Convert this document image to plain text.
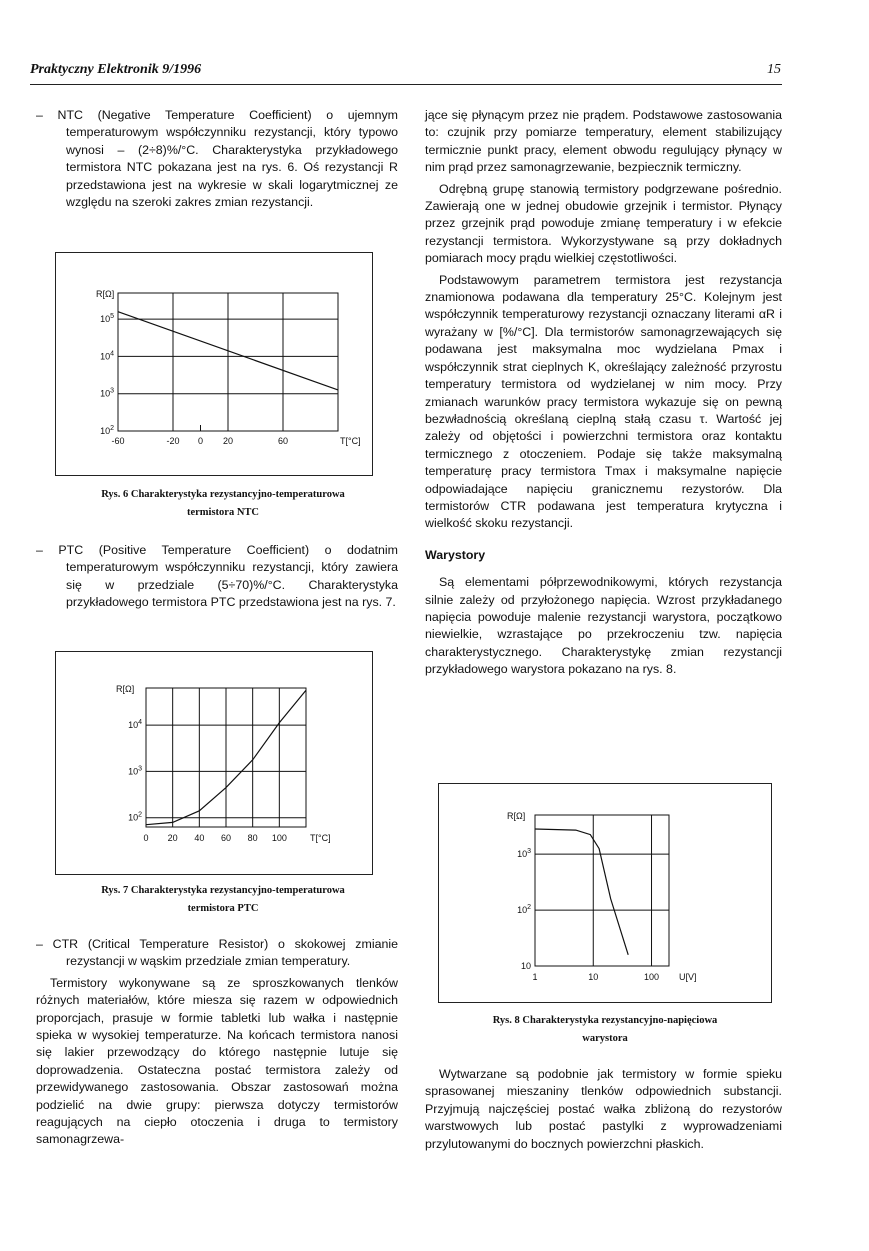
Praktyczny Elektronik 9/1996	15

– NTC (Negative Temperature Coefficient) o ujemnym temperaturowym współczynniku rezystancji, który typowo wynosi – (2÷8)%/°C. Charakterystyka przykładowego termistora NTC pokazana jest na rys. 6. Oś rezystancji R przedstawiona jest na wykresie w skali logarytmicznej ze względu na szeroki zakres zmian rezystancji.

$10^2$
$10^3$
$10^4$
$10^5$
-60	-20 0 20	60
R[Ω]
T[°C]
Rys. 6 Charakterystyka rezystancyjno-temperaturowa
termistora NTC

– PTC (Positive Temperature Coefficient) o dodatnim temperaturowym współczynniku rezystancji, który zawiera się w przedziale (5÷70)%/°C. Charakterystyka przykładowego termistora PTC przedstawiona jest na rys. 7.

$10^2$
$10^3$
$10^4$
0 20 40 60 80 100
R[Ω]
T[°C]
Rys. 7 Charakterystyka rezystancyjno-temperaturowa
termistora PTC

– CTR (Critical Temperature Resistor) o skokowej zmianie rezystancji w wąskim przedziale zmian temperatury.

Termistory wykonywane są ze sproszkowanych tlenków różnych materiałów, które miesza się razem w odpowiednich proporcjach, prasuje w formie tabletki lub wałka i następnie spieka w wysokiej temperaturze. Na końcach termistora nanosi się lakier przewodzący do którego następnie lutuje się doprowadzenia. Ostateczna postać termistora zależy od przewidywanego zastosowania. Obszar zastosowań można podzielić na dwie grupy: pierwsza dotyczy termistorów reagujących na ciepło otoczenia i druga to termistory samonagrzewa-

jące się płynącym przez nie prądem. Podstawowe zastosowania to: czujnik przy pomiarze temperatury, element stabilizujący termicznie punkt pracy, element obwodu regulujący płynący w nim prąd przez samonagrzewanie, bezpiecznik termiczny.

Odrębną grupę stanowią termistory podgrzewane pośrednio. Zawierają one w jednej obudowie grzejnik i termistor. Płynący przez grzejnik prąd powoduje zmianę temperatury i w efekcie rezystancji termistora. Wykorzystywane są przy dokładnych pomiarach mocy prądu wielkiej częstotliwości.

Podstawowym parametrem termistora jest rezystancja znamionowa podawana dla temperatury 25°C. Kolejnym jest współczynnik temperaturowy rezystancji oznaczany literami αR i wyrażany w [%/°C]. Dla termistorów samonagrzewających się podawana jest maksymalna moc wydzielana Pmax i współczynnik strat cieplnych K, określający zależność przyrostu temperatury termistora od wydzielanej w nim mocy. Przy zmianach warunków pracy termistora wykazuje się on pewną bezwładnością określaną cieplną stałą czasu τ. Wartość jej zależy od objętości i powierzchni termistora oraz kontaktu termicznego z otoczeniem. Podaje się także maksymalną temperaturę pracy termistora Tmax i maksymalne napięcie odpowiadające napięciu granicznemu rezystorów. Dla termistorów CTR podawana jest temperatura krytyczna i wielkość skoku rezystancji.

Warystory

Są elementami półprzewodnikowymi, których rezystancja silnie zależy od przyłożonego napięcia. Wzrost przykładanego napięcia powoduje malenie rezystancji warystora, początkowo niewielkie, wzrastające po przekroczeniu tzw. napięcia charakterystycznego. Charakterystykę zmian rezystancji przykładowego warystora pokazano na rys. 8.

10
$10^2$
$10^3$
1	10	100
R[Ω]
U[V]
Rys. 8 Charakterystyka rezystancyjno-napięciowa
warystora

Wytwarzane są podobnie jak termistory w formie spieku sprasowanej mieszaniny tlenków odpowiednich substancji. Przyjmują najczęściej postać wałka zbliżoną do rezystorów warstwowych lub postać pastylki z wyprowadzeniami przylutowanymi do bocznych powierzchni płaskich.
